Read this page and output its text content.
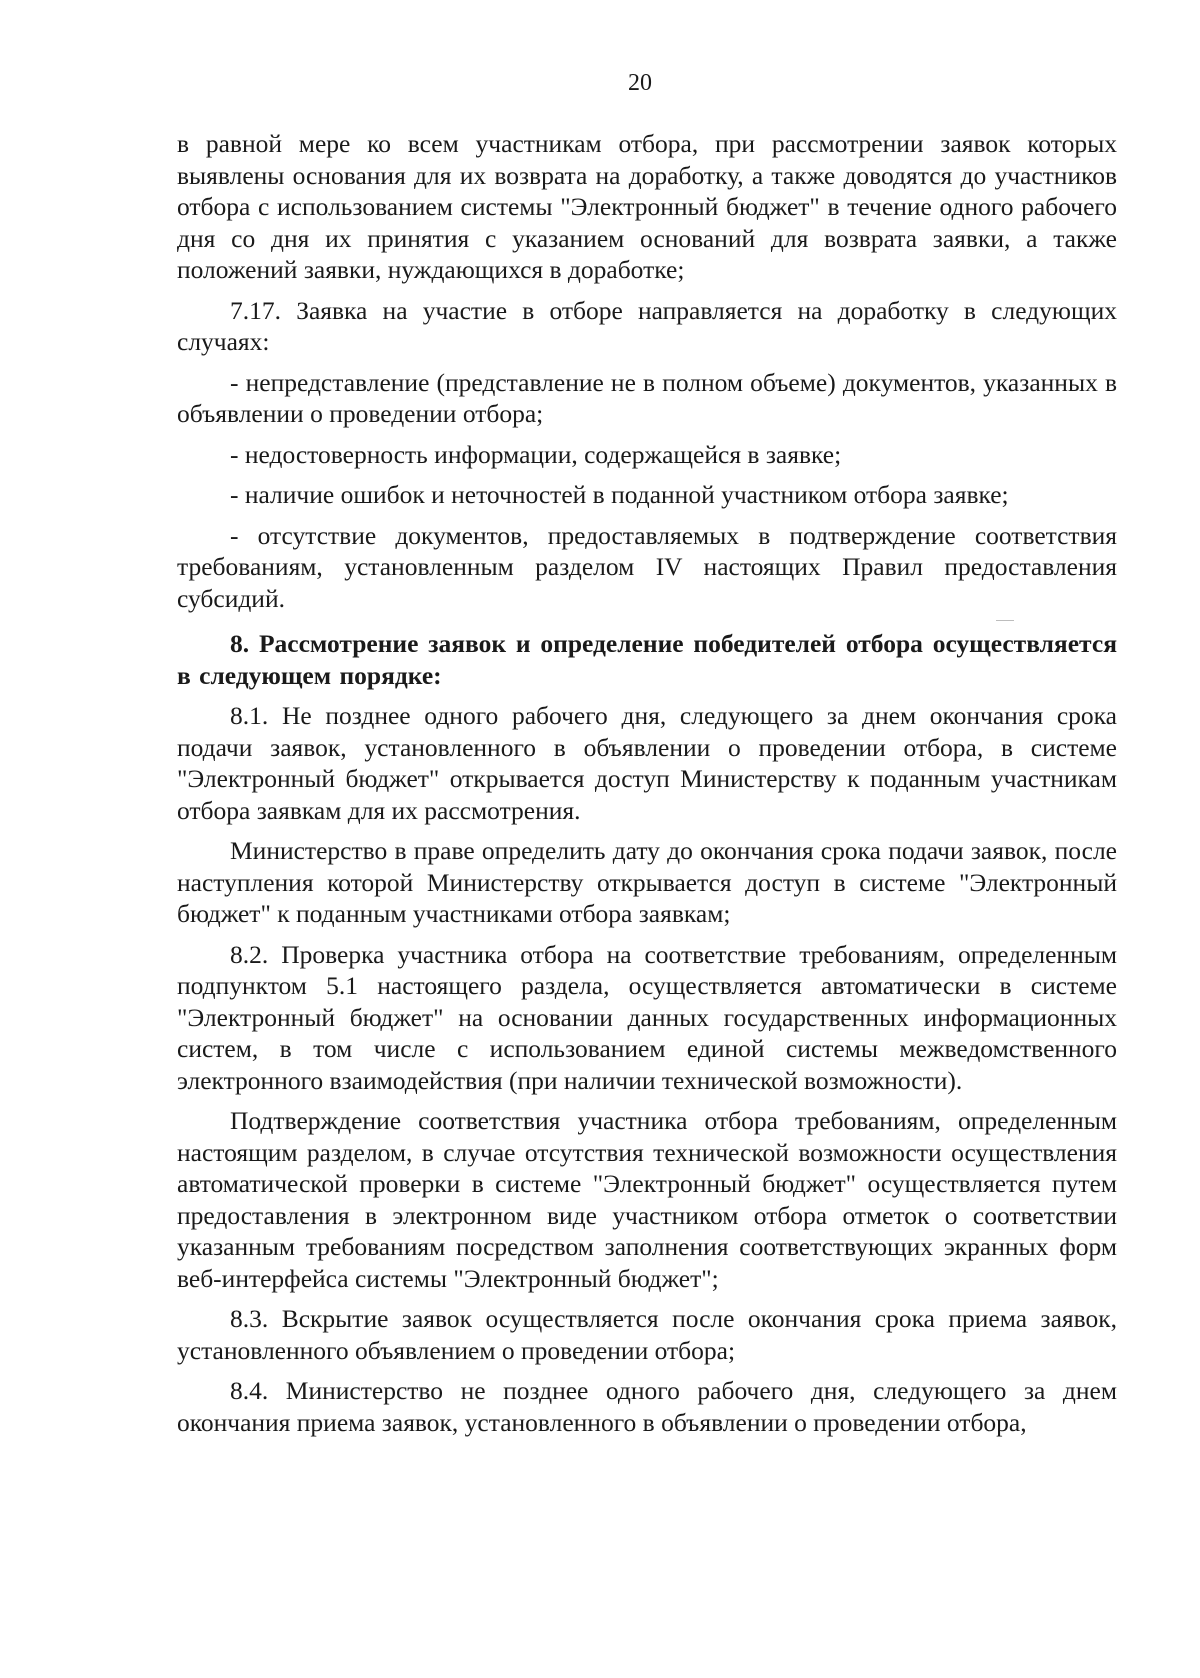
20

в равной мере ко всем участникам отбора, при рассмотрении заявок которых выявлены основания для их возврата на доработку, а также доводятся до участников отбора с использованием системы "Электронный бюджет" в течение одного рабочего дня со дня их принятия с указанием оснований для возврата заявки, а также положений заявки, нуждающихся в доработке;

7.17. Заявка на участие в отборе направляется на доработку в следующих случаях:

- непредставление (представление не в полном объеме) документов, указанных в объявлении о проведении отбора;

- недостоверность информации, содержащейся в заявке;

- наличие ошибок и неточностей в поданной участником отбора заявке;

- отсутствие документов, предоставляемых в подтверждение соответствия требованиям, установленным разделом IV настоящих Правил предоставления субсидий.

8. Рассмотрение заявок и определение победителей отбора осуществляется в следующем порядке:

8.1. Не позднее одного рабочего дня, следующего за днем окончания срока подачи заявок, установленного в объявлении о проведении отбора, в системе "Электронный бюджет" открывается доступ Министерству к поданным участникам отбора заявкам для их рассмотрения.

Министерство в праве определить дату до окончания срока подачи заявок, после наступления которой Министерству открывается доступ в системе "Электронный бюджет" к поданным участниками отбора заявкам;

8.2. Проверка участника отбора на соответствие требованиям, определенным подпунктом 5.1 настоящего раздела, осуществляется автоматически в системе "Электронный бюджет" на основании данных государственных информационных систем, в том числе с использованием единой системы межведомственного электронного взаимодействия (при наличии технической возможности).

Подтверждение соответствия участника отбора требованиям, определенным настоящим разделом, в случае отсутствия технической возможности осуществления автоматической проверки в системе "Электронный бюджет" осуществляется путем предоставления в электронном виде участником отбора отметок о соответствии указанным требованиям посредством заполнения соответствующих экранных форм веб-интерфейса системы "Электронный бюджет";

8.3. Вскрытие заявок осуществляется после окончания срока приема заявок, установленного объявлением о проведении отбора;

8.4. Министерство не позднее одного рабочего дня, следующего за днем окончания приема заявок, установленного в объявлении о проведении отбора,
